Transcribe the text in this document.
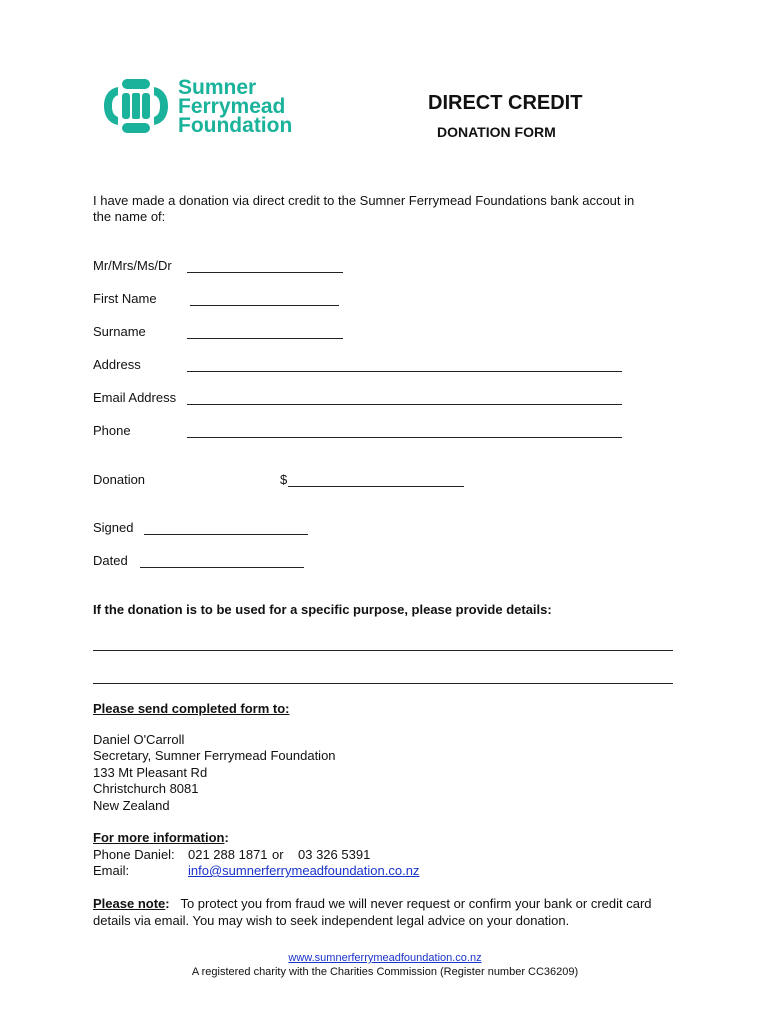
Sumner
Ferrymead
Foundation
DIRECT CREDIT
DONATION FORM
I have made a donation via direct credit to the Sumner Ferrymead Foundations bank accout in
the name of:
Mr/Mrs/Ms/Dr
First Name
Surname
Address
Email Address
Phone
Donation	$
Signed
Dated
If the donation is to be used for a specific purpose, please provide details:
Please send completed form to:
Daniel O'Carroll
Secretary, Sumner Ferrymead Foundation
133 Mt Pleasant Rd
Christchurch 8081
New Zealand
For more information:
Phone Daniel: 021 288 1871 or 03 326 5391
Email:	info@sumnerferrymeadfoundation.co.nz
Please note: To protect you from fraud we will never request or confirm your bank or credit card
details via email. You may wish to seek independent legal advice on your donation.
www.sumnerferrymeadfoundation.co.nz
A registered charity with the Charities Commission (Register number CC36209)
